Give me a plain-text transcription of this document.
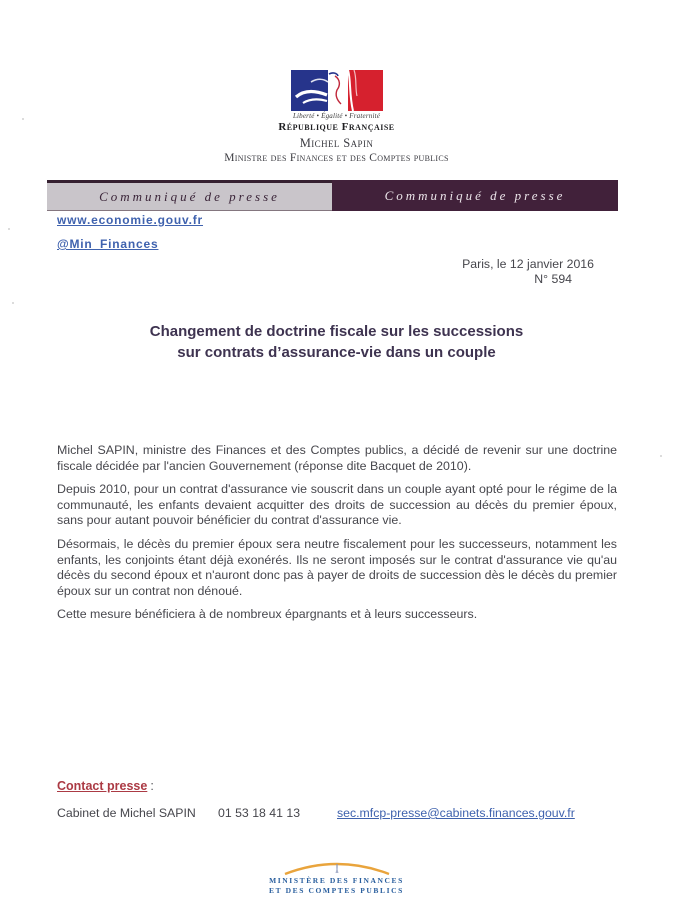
Liberté • Égalité • Fraternité
République Française
Michel Sapin
Ministre des Finances et des Comptes publics
Communiqué de presse	Communiqué de presse
www.economie.gouv.fr
@Min_Finances
Paris, le 12 janvier 2016
N° 594
Changement de doctrine fiscale sur les successions
sur contrats d’assurance-vie dans un couple

Michel SAPIN, ministre des Finances et des Comptes publics, a décidé de revenir sur une doctrine fiscale décidée par l'ancien Gouvernement (réponse dite Bacquet de 2010).

Depuis 2010, pour un contrat d'assurance vie souscrit dans un couple ayant opté pour le régime de la communauté, les enfants devaient acquitter des droits de succession au décès du premier époux, sans pour autant pouvoir bénéficier du contrat d'assurance vie.

Désormais, le décès du premier époux sera neutre fiscalement pour les successeurs, notamment les enfants, les conjoints étant déjà exonérés. Ils ne seront imposés sur le contrat d'assurance vie qu'au décès du second époux et n'auront donc pas à payer de droits de succession dès le décès du premier époux sur un contrat non dénoué.

Cette mesure bénéficiera à de nombreux épargnants et à leurs successeurs.

Contact presse :
Cabinet de Michel SAPIN 01 53 18 41 13	sec.mfcp-presse@cabinets.finances.gouv.fr
MINISTÈRE DES FINANCES
ET DES COMPTES PUBLICS
